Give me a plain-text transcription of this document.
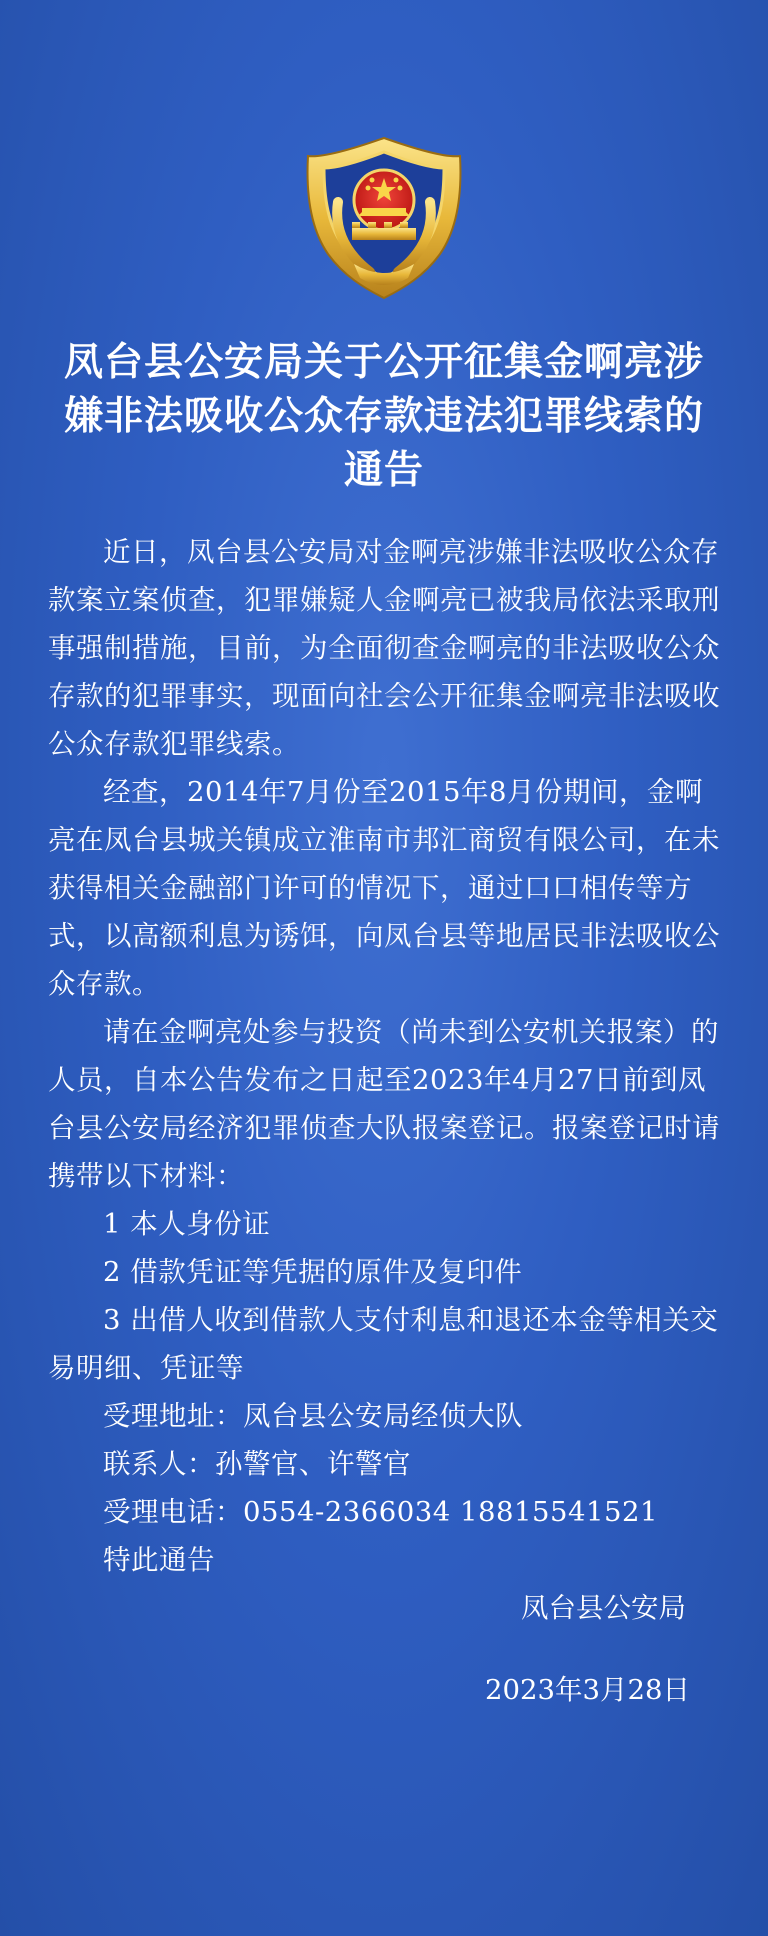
凤台县公安局关于公开征集金啊亮涉
嫌非法吸收公众存款违法犯罪线索的
通告

近日，凤台县公安局对金啊亮涉嫌非法吸收公众存款案立案侦查，犯罪嫌疑人金啊亮已被我局依法采取刑事强制措施，目前，为全面彻查金啊亮的非法吸收公众存款的犯罪事实，现面向社会公开征集金啊亮非法吸收公众存款犯罪线索。

经查，2014年7月份至2015年8月份期间，金啊亮在凤台县城关镇成立淮南市邦汇商贸有限公司，在未获得相关金融部门许可的情况下，通过口口相传等方式，以高额利息为诱饵，向凤台县等地居民非法吸收公众存款。

请在金啊亮处参与投资（尚未到公安机关报案）的人员，自本公告发布之日起至2023年4月27日前到凤台县公安局经济犯罪侦查大队报案登记。报案登记时请携带以下材料：

1 本人身份证

2 借款凭证等凭据的原件及复印件

3 出借人收到借款人支付利息和退还本金等相关交易明细、凭证等

受理地址：凤台县公安局经侦大队

联系人：孙警官、许警官

受理电话：0554-2366034 18815541521

特此通告

凤台县公安局
2023年3月28日
